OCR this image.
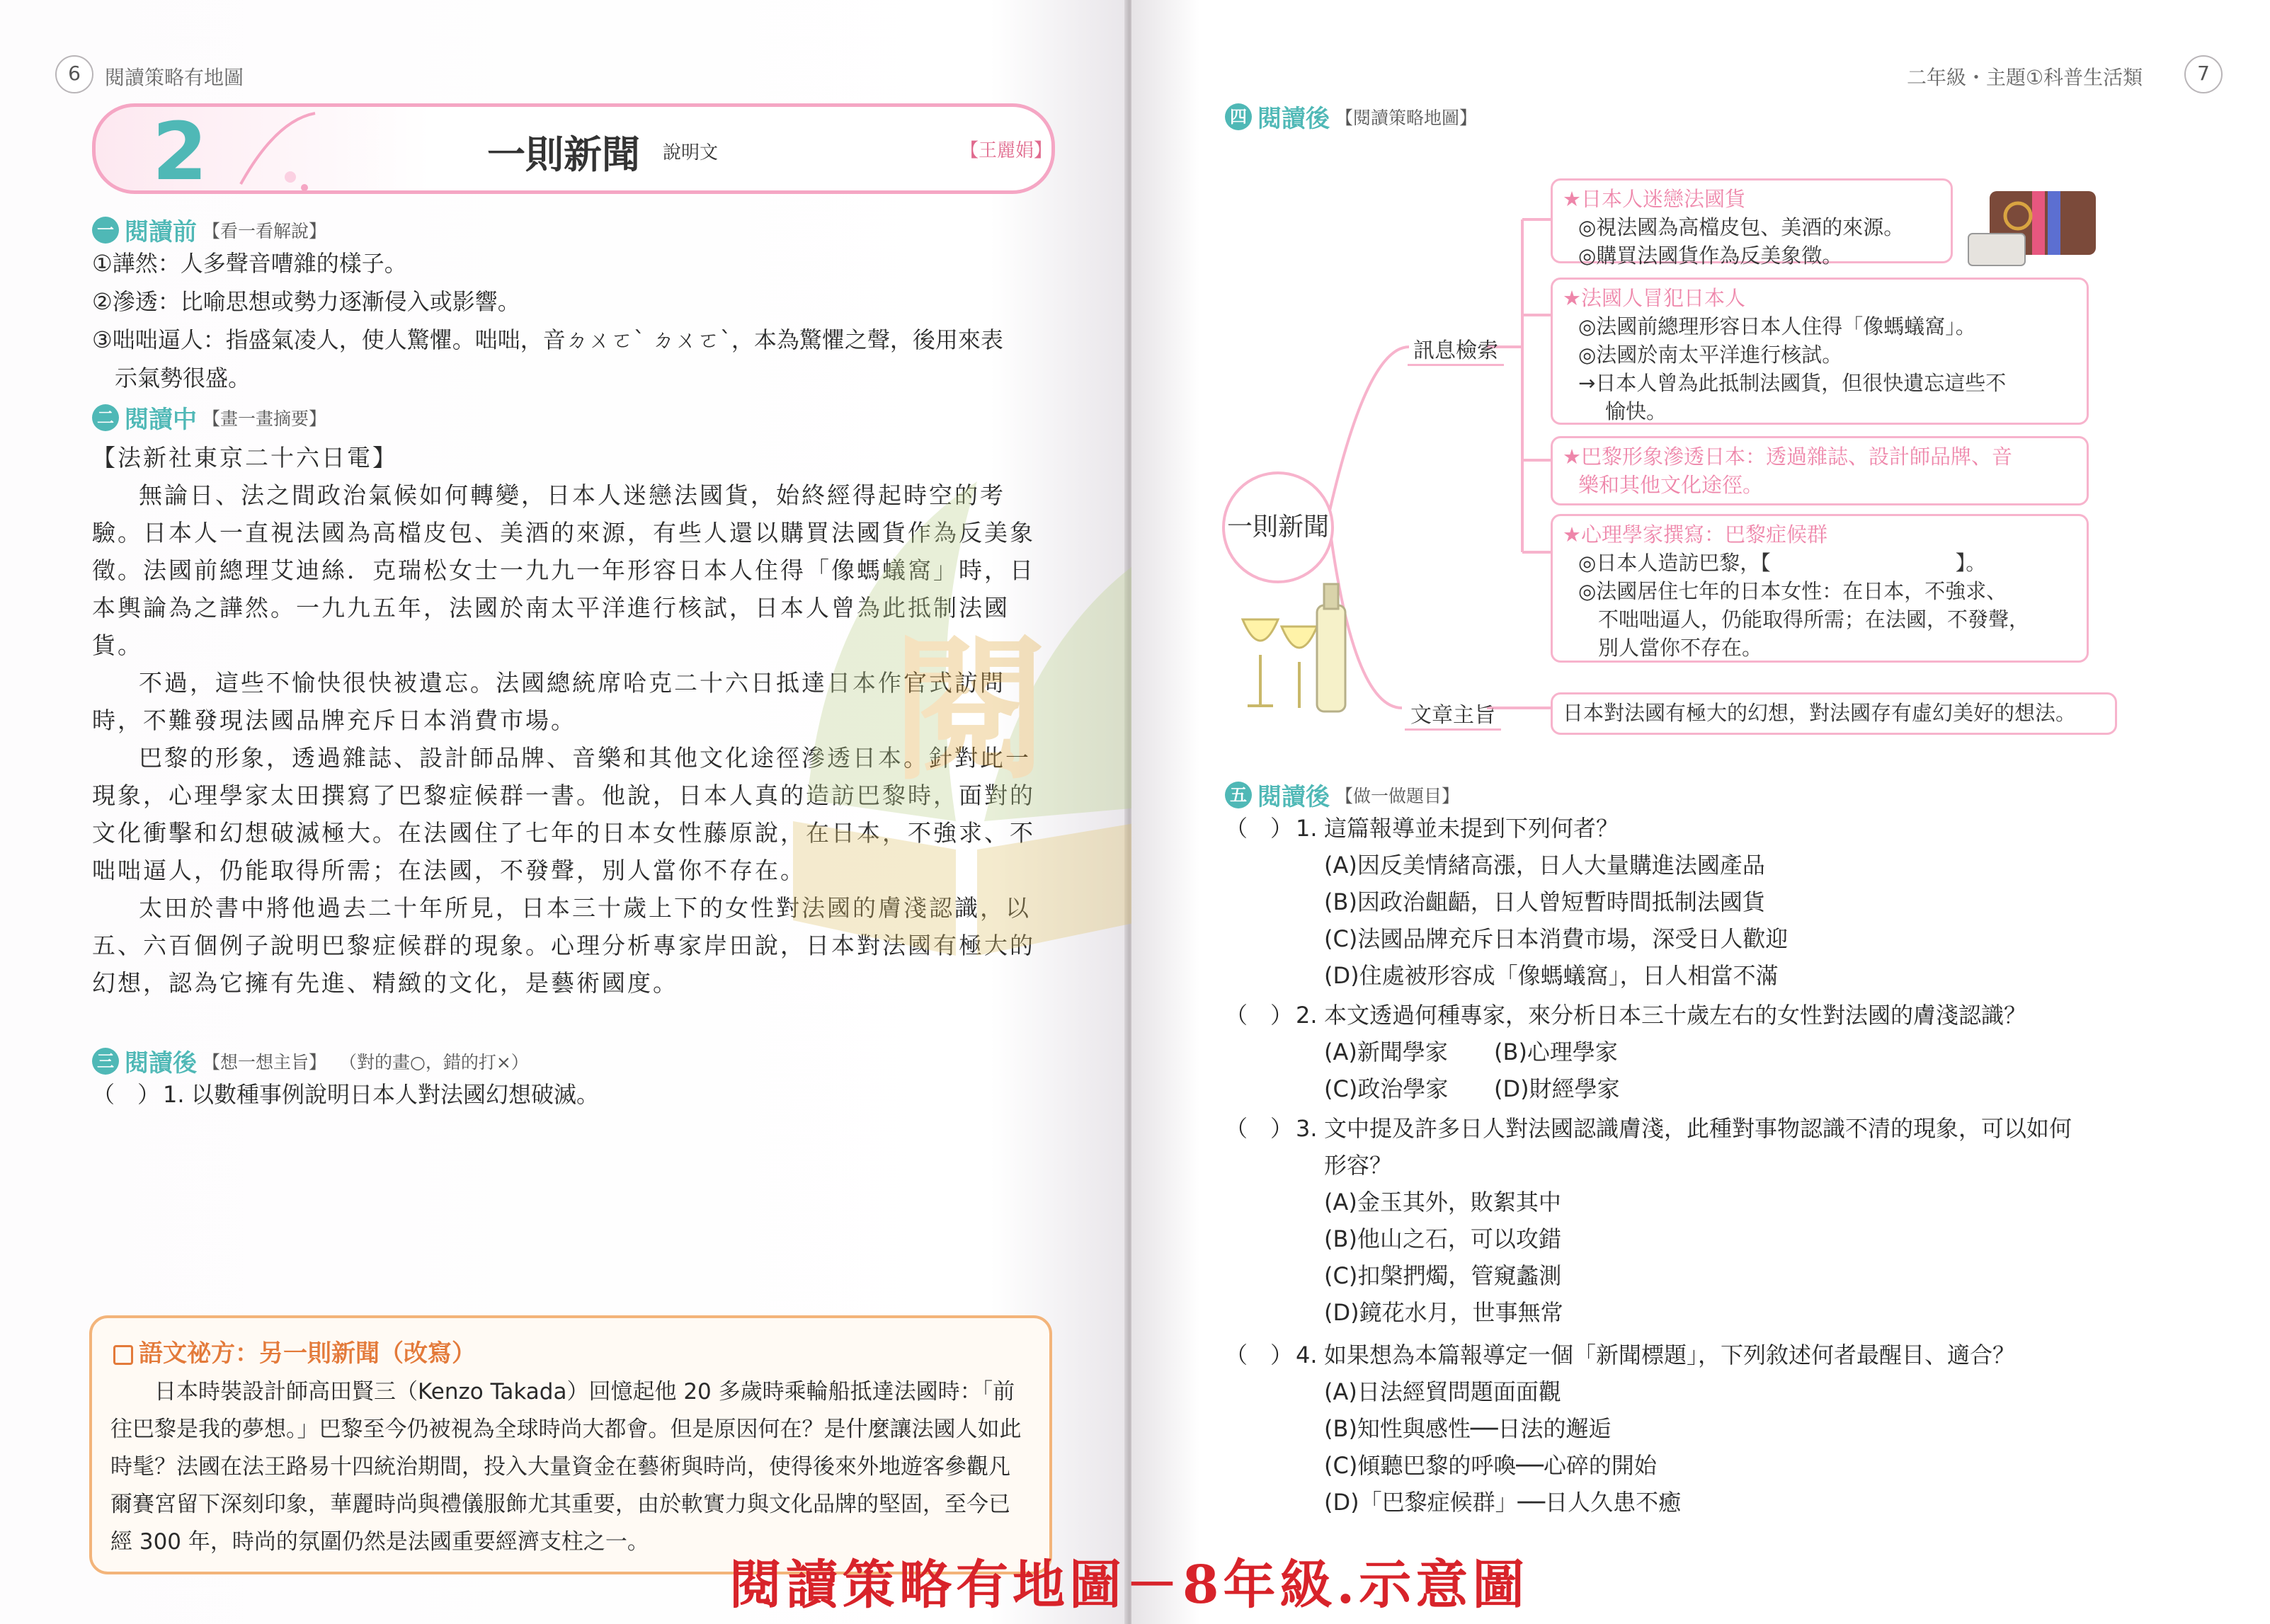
6	閱讀策略有地圖
2	一則新聞 說明文	【王麗娟】
一 閱讀前 【看一看解說】
①譁然：人多聲音嘈雜的樣子。
②滲透：比喻思想或勢力逐漸侵入或影響。
③咄咄逼人：指盛氣凌人，使人驚懼。咄咄，音ㄉㄨㄛˋ ㄉㄨㄛˋ，本為驚懼之聲，後用來表
示氣勢很盛。
二 閱讀中 【畫一畫摘要】

【法新社東京二十六日電】

無論日、法之間政治氣候如何轉變，日本人迷戀法國貨，始終經得起時空的考驗。日本人一直視法國為高檔皮包、美酒的來源，有些人還以購買法國貨作為反美象徵。法國前總理艾迪絲．克瑞松女士一九九一年形容日本人住得「像螞蟻窩」時，日本輿論為之譁然。一九九五年，法國於南太平洋進行核試，日本人曾為此抵制法國貨。

不過，這些不愉快很快被遺忘。法國總統席哈克二十六日抵達日本作官式訪問時，不難發現法國品牌充斥日本消費市場。

巴黎的形象，透過雜誌、設計師品牌、音樂和其他文化途徑滲透日本。針對此一現象，心理學家太田撰寫了巴黎症候群一書。他說，日本人真的造訪巴黎時，面對的文化衝擊和幻想破滅極大。在法國住了七年的日本女性藤原說，在日本，不強求、不咄咄逼人，仍能取得所需；在法國，不發聲，別人當你不存在。

太田於書中將他過去二十年所見，日本三十歲上下的女性對法國的膚淺認識，以五、六百個例子說明巴黎症候群的現象。心理分析專家岸田說，日本對法國有極大的幻想，認為它擁有先進、精緻的文化，是藝術國度。

三 閱讀後 【想一想主旨】 （對的畫○，錯的打×）
（　） 1. 以數種事例說明日本人對法國幻想破滅。
語文祕方：另一則新聞（改寫）

日本時裝設計師高田賢三（Kenzo Takada）回憶起他 20 多歲時乘輪船抵達法國時：「前往巴黎是我的夢想。」巴黎至今仍被視為全球時尚大都會。但是原因何在？是什麼讓法國人如此時髦？法國在法王路易十四統治期間，投入大量資金在藝術與時尚，使得後來外地遊客參觀凡爾賽宮留下深刻印象，華麗時尚與禮儀服飾尤其重要，由於軟實力與文化品牌的堅固，至今已經 300 年，時尚的氛圍仍然是法國重要經濟支柱之一。

閱
二年級・主題①科普生活類	7
四 閱讀後 【閱讀策略地圖】
一則新聞
訊息檢索
文章主旨
★日本人迷戀法國貨
◎視法國為高檔皮包、美酒的來源。
◎購買法國貨作為反美象徵。
★法國人冒犯日本人
◎法國前總理形容日本人住得「像螞蟻窩」。
◎法國於南太平洋進行核試。
→日本人曾為此抵制法國貨，但很快遺忘這些不
愉快。
★巴黎形象滲透日本：透過雜誌、設計師品牌、音
樂和其他文化途徑。
★心理學家撰寫：巴黎症候群
◎日本人造訪巴黎，【　　　　　　　　　】。
◎法國居住七年的日本女性：在日本，不強求、
不咄咄逼人，仍能取得所需；在法國，不發聲，
別人當你不存在。
日本對法國有極大的幻想，對法國存有虛幻美好的想法。
五 閱讀後 【做一做題目】
（　） 1. 這篇報導並未提到下列何者？
(A)因反美情緒高漲，日人大量購進法國產品
(B)因政治齟齬，日人曾短暫時間抵制法國貨
(C)法國品牌充斥日本消費市場，深受日人歡迎
(D)住處被形容成「像螞蟻窩」，日人相當不滿
（　） 2. 本文透過何種專家，來分析日本三十歲左右的女性對法國的膚淺認識？
(A)新聞學家 (B)心理學家
(C)政治學家 (D)財經學家
（　） 3. 文中提及許多日人對法國認識膚淺，此種對事物認識不清的現象，可以如何
形容？
(A)金玉其外，敗絮其中
(B)他山之石，可以攻錯
(C)扣槃捫燭，管窺蠡測
(D)鏡花水月，世事無常
（　） 4. 如果想為本篇報導定一個「新聞標題」，下列敘述何者最醒目、適合？
(A)日法經貿問題面面觀
(B)知性與感性──日法的邂逅
(C)傾聽巴黎的呼喚──心碎的開始
(D)「巴黎症候群」──日人久患不癒
閱讀策略有地圖－8年級.示意圖
